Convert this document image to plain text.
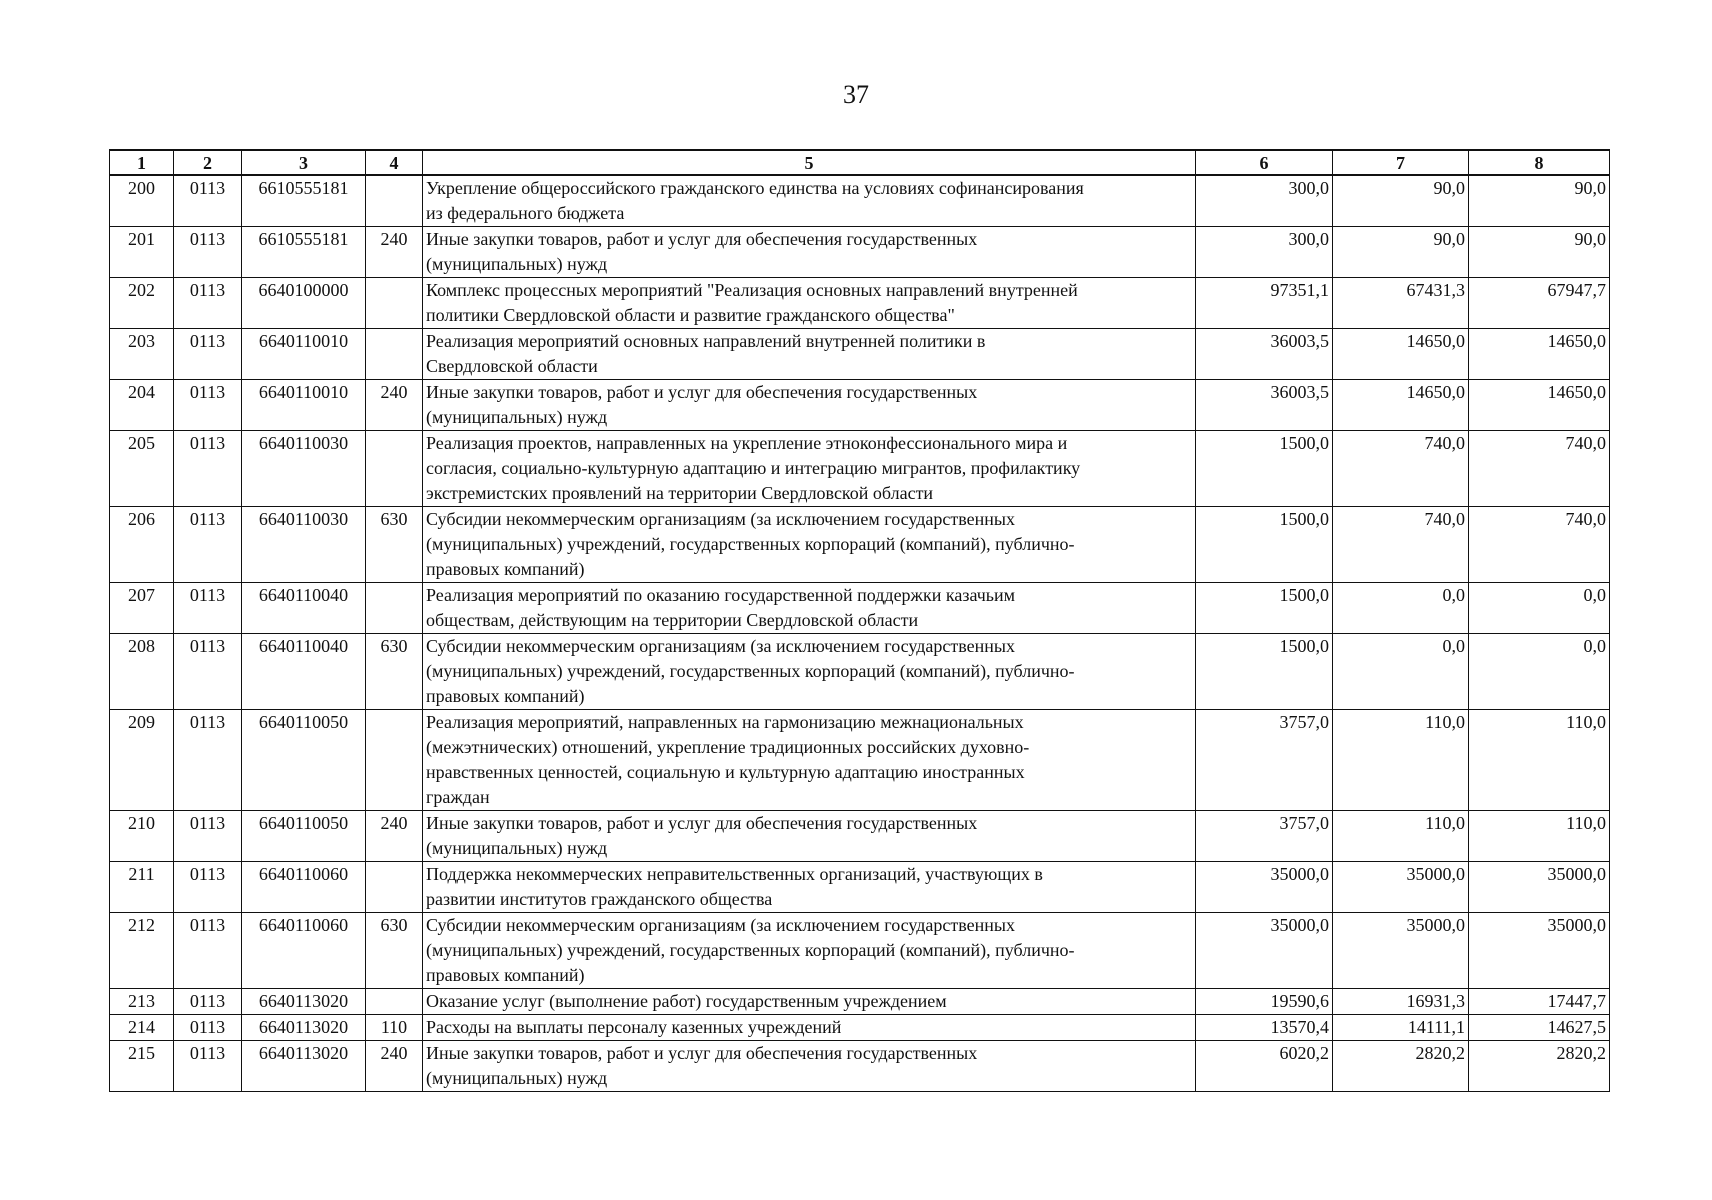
37
1	2	3	4	5	6	7	8
200	0113	6610555181		Укрепление общероссийского гражданского единства на условиях софинансирования
из федерального бюджета	300,0	90,0	90,0
201	0113	6610555181	240	Иные закупки товаров, работ и услуг для обеспечения государственных
(муниципальных) нужд	300,0	90,0	90,0
202	0113	6640100000		Комплекс процессных мероприятий "Реализация основных направлений внутренней
политики Свердловской области и развитие гражданского общества"	97351,1	67431,3	67947,7
203	0113	6640110010		Реализация мероприятий основных направлений внутренней политики в
Свердловской области	36003,5	14650,0	14650,0
204	0113	6640110010	240	Иные закупки товаров, работ и услуг для обеспечения государственных
(муниципальных) нужд	36003,5	14650,0	14650,0
205	0113	6640110030		Реализация проектов, направленных на укрепление этноконфессионального мира и
согласия, социально-культурную адаптацию и интеграцию мигрантов, профилактику
экстремистских проявлений на территории Свердловской области	1500,0	740,0	740,0
206	0113	6640110030	630	Субсидии некоммерческим организациям (за исключением государственных
(муниципальных) учреждений, государственных корпораций (компаний), публично-
правовых компаний)	1500,0	740,0	740,0
207	0113	6640110040		Реализация мероприятий по оказанию государственной поддержки казачьим
обществам, действующим на территории Свердловской области	1500,0	0,0	0,0
208	0113	6640110040	630	Субсидии некоммерческим организациям (за исключением государственных
(муниципальных) учреждений, государственных корпораций (компаний), публично-
правовых компаний)	1500,0	0,0	0,0
209	0113	6640110050		Реализация мероприятий, направленных на гармонизацию межнациональных
(межэтнических) отношений, укрепление традиционных российских духовно-
нравственных ценностей, социальную и культурную адаптацию иностранных
граждан	3757,0	110,0	110,0
210	0113	6640110050	240	Иные закупки товаров, работ и услуг для обеспечения государственных
(муниципальных) нужд	3757,0	110,0	110,0
211	0113	6640110060		Поддержка некоммерческих неправительственных организаций, участвующих в
развитии институтов гражданского общества	35000,0	35000,0	35000,0
212	0113	6640110060	630	Субсидии некоммерческим организациям (за исключением государственных
(муниципальных) учреждений, государственных корпораций (компаний), публично-
правовых компаний)	35000,0	35000,0	35000,0
213	0113	6640113020		Оказание услуг (выполнение работ) государственным учреждением	19590,6	16931,3	17447,7
214	0113	6640113020	110	Расходы на выплаты персоналу казенных учреждений	13570,4	14111,1	14627,5
215	0113	6640113020	240	Иные закупки товаров, работ и услуг для обеспечения государственных
(муниципальных) нужд	6020,2	2820,2	2820,2
